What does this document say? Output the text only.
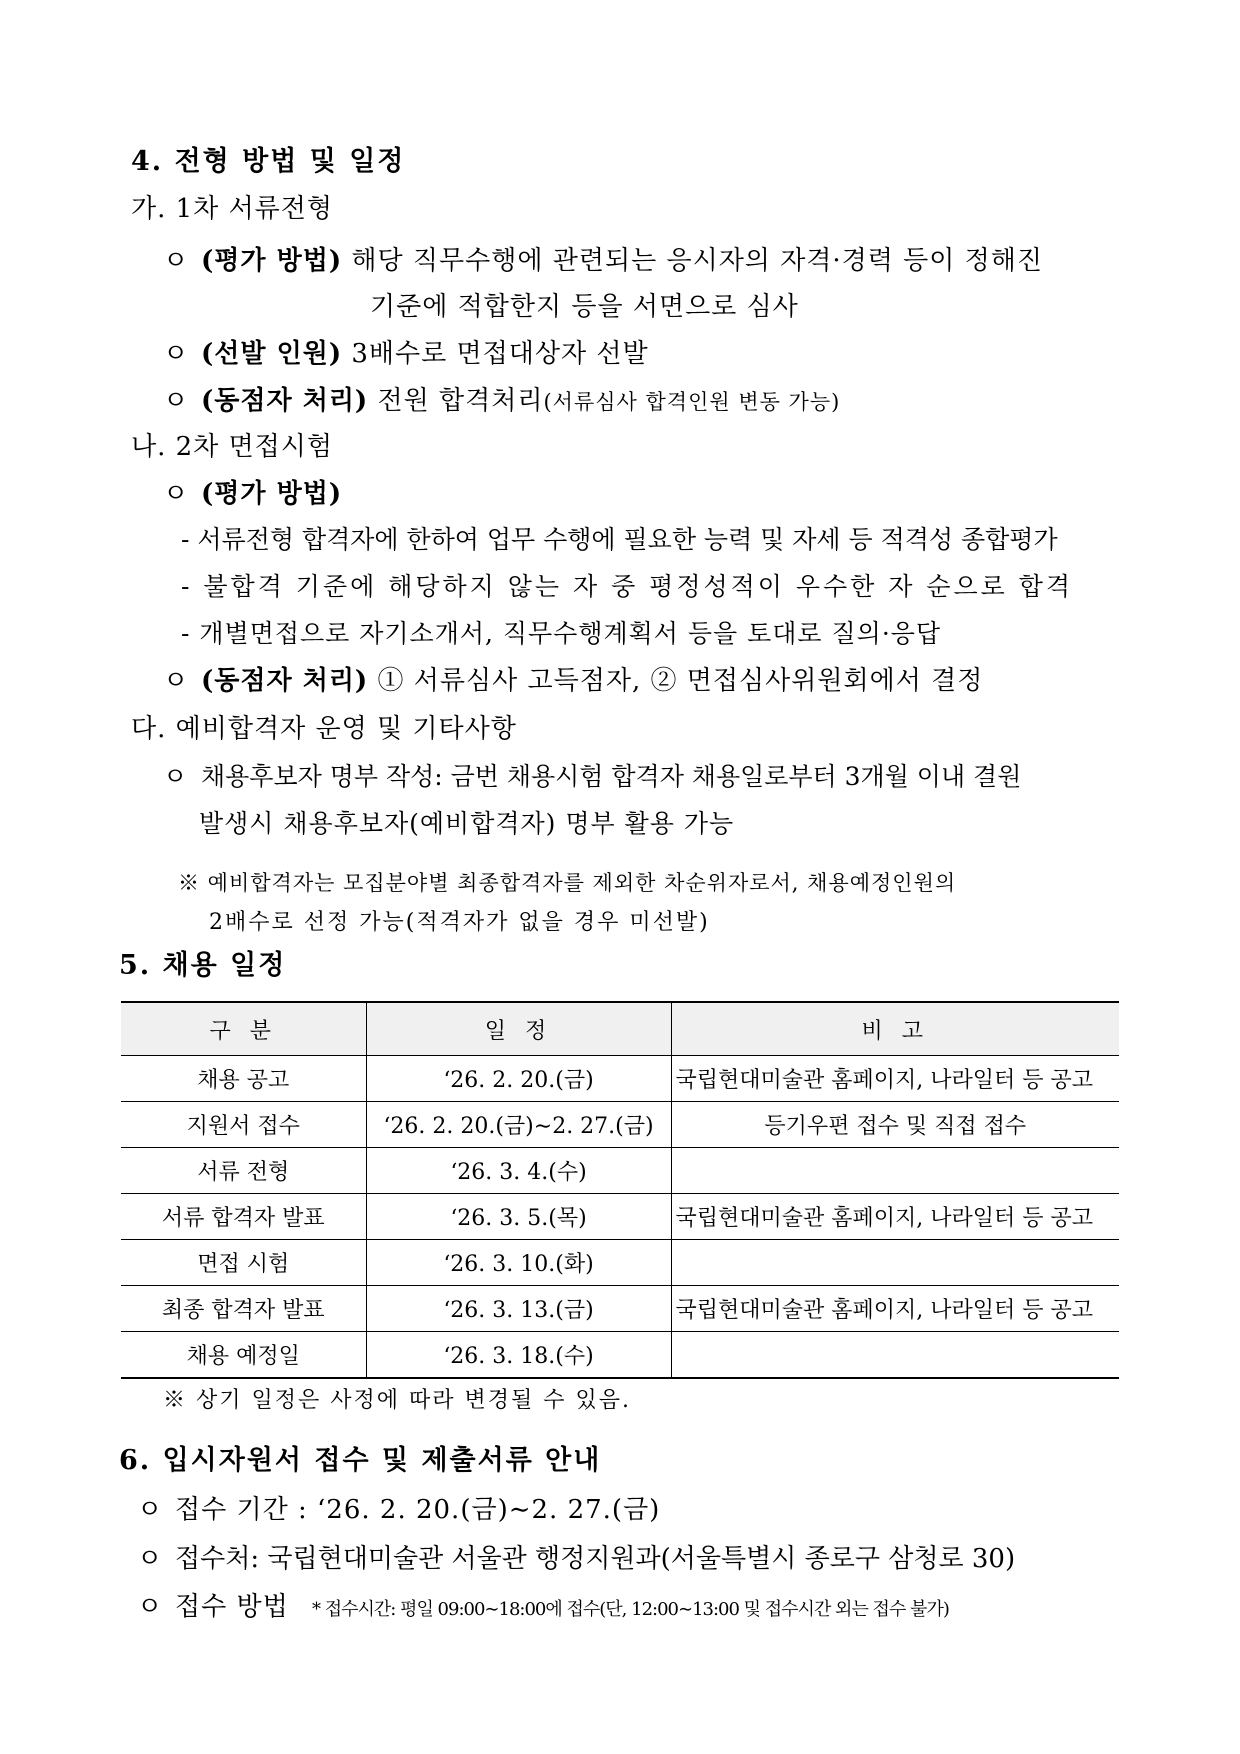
4. 전형 방법 및 일정
가. 1차 서류전형
ㅇ (평가 방법) 해당 직무수행에 관련되는 응시자의 자격·경력 등이 정해진
기준에 적합한지 등을 서면으로 심사
ㅇ (선발 인원) 3배수로 면접대상자 선발
ㅇ (동점자 처리) 전원 합격처리(서류심사 합격인원 변동 가능)
나. 2차 면접시험
ㅇ (평가 방법)
- 서류전형 합격자에 한하여 업무 수행에 필요한 능력 및 자세 등 적격성 종합평가
- 불합격 기준에 해당하지 않는 자 중 평정성적이 우수한 자 순으로 합격
- 개별면접으로 자기소개서, 직무수행계획서 등을 토대로 질의·응답
ㅇ (동점자 처리) ① 서류심사 고득점자, ② 면접심사위원회에서 결정
다. 예비합격자 운영 및 기타사항
ㅇ 채용후보자 명부 작성: 금번 채용시험 합격자 채용일로부터 3개월 이내 결원
발생시 채용후보자(예비합격자) 명부 활용 가능
※ 예비합격자는 모집분야별 최종합격자를 제외한 차순위자로서, 채용예정인원의
2배수로 선정 가능(적격자가 없을 경우 미선발)
5. 채용 일정
구 분	일 정	비 고
채용 공고	‘26. 2. 20.(금)	국립현대미술관 홈페이지, 나라일터 등 공고
지원서 접수	‘26. 2. 20.(금)∼2. 27.(금)	등기우편 접수 및 직접 접수
서류 전형	‘26. 3. 4.(수)	
서류 합격자 발표	‘26. 3. 5.(목)	국립현대미술관 홈페이지, 나라일터 등 공고
면접 시험	‘26. 3. 10.(화)	
최종 합격자 발표	‘26. 3. 13.(금)	국립현대미술관 홈페이지, 나라일터 등 공고
채용 예정일	‘26. 3. 18.(수)	
※ 상기 일정은 사정에 따라 변경될 수 있음.
6. 입시자원서 접수 및 제출서류 안내
ㅇ 접수 기간 : ‘26. 2. 20.(금)∼2. 27.(금)
ㅇ 접수처: 국립현대미술관 서울관 행정지원과(서울특별시 종로구 삼청로 30)
ㅇ 접수 방법 * 접수시간: 평일 09:00∼18:00에 접수(단, 12:00∼13:00 및 접수시간 외는 접수 불가)
